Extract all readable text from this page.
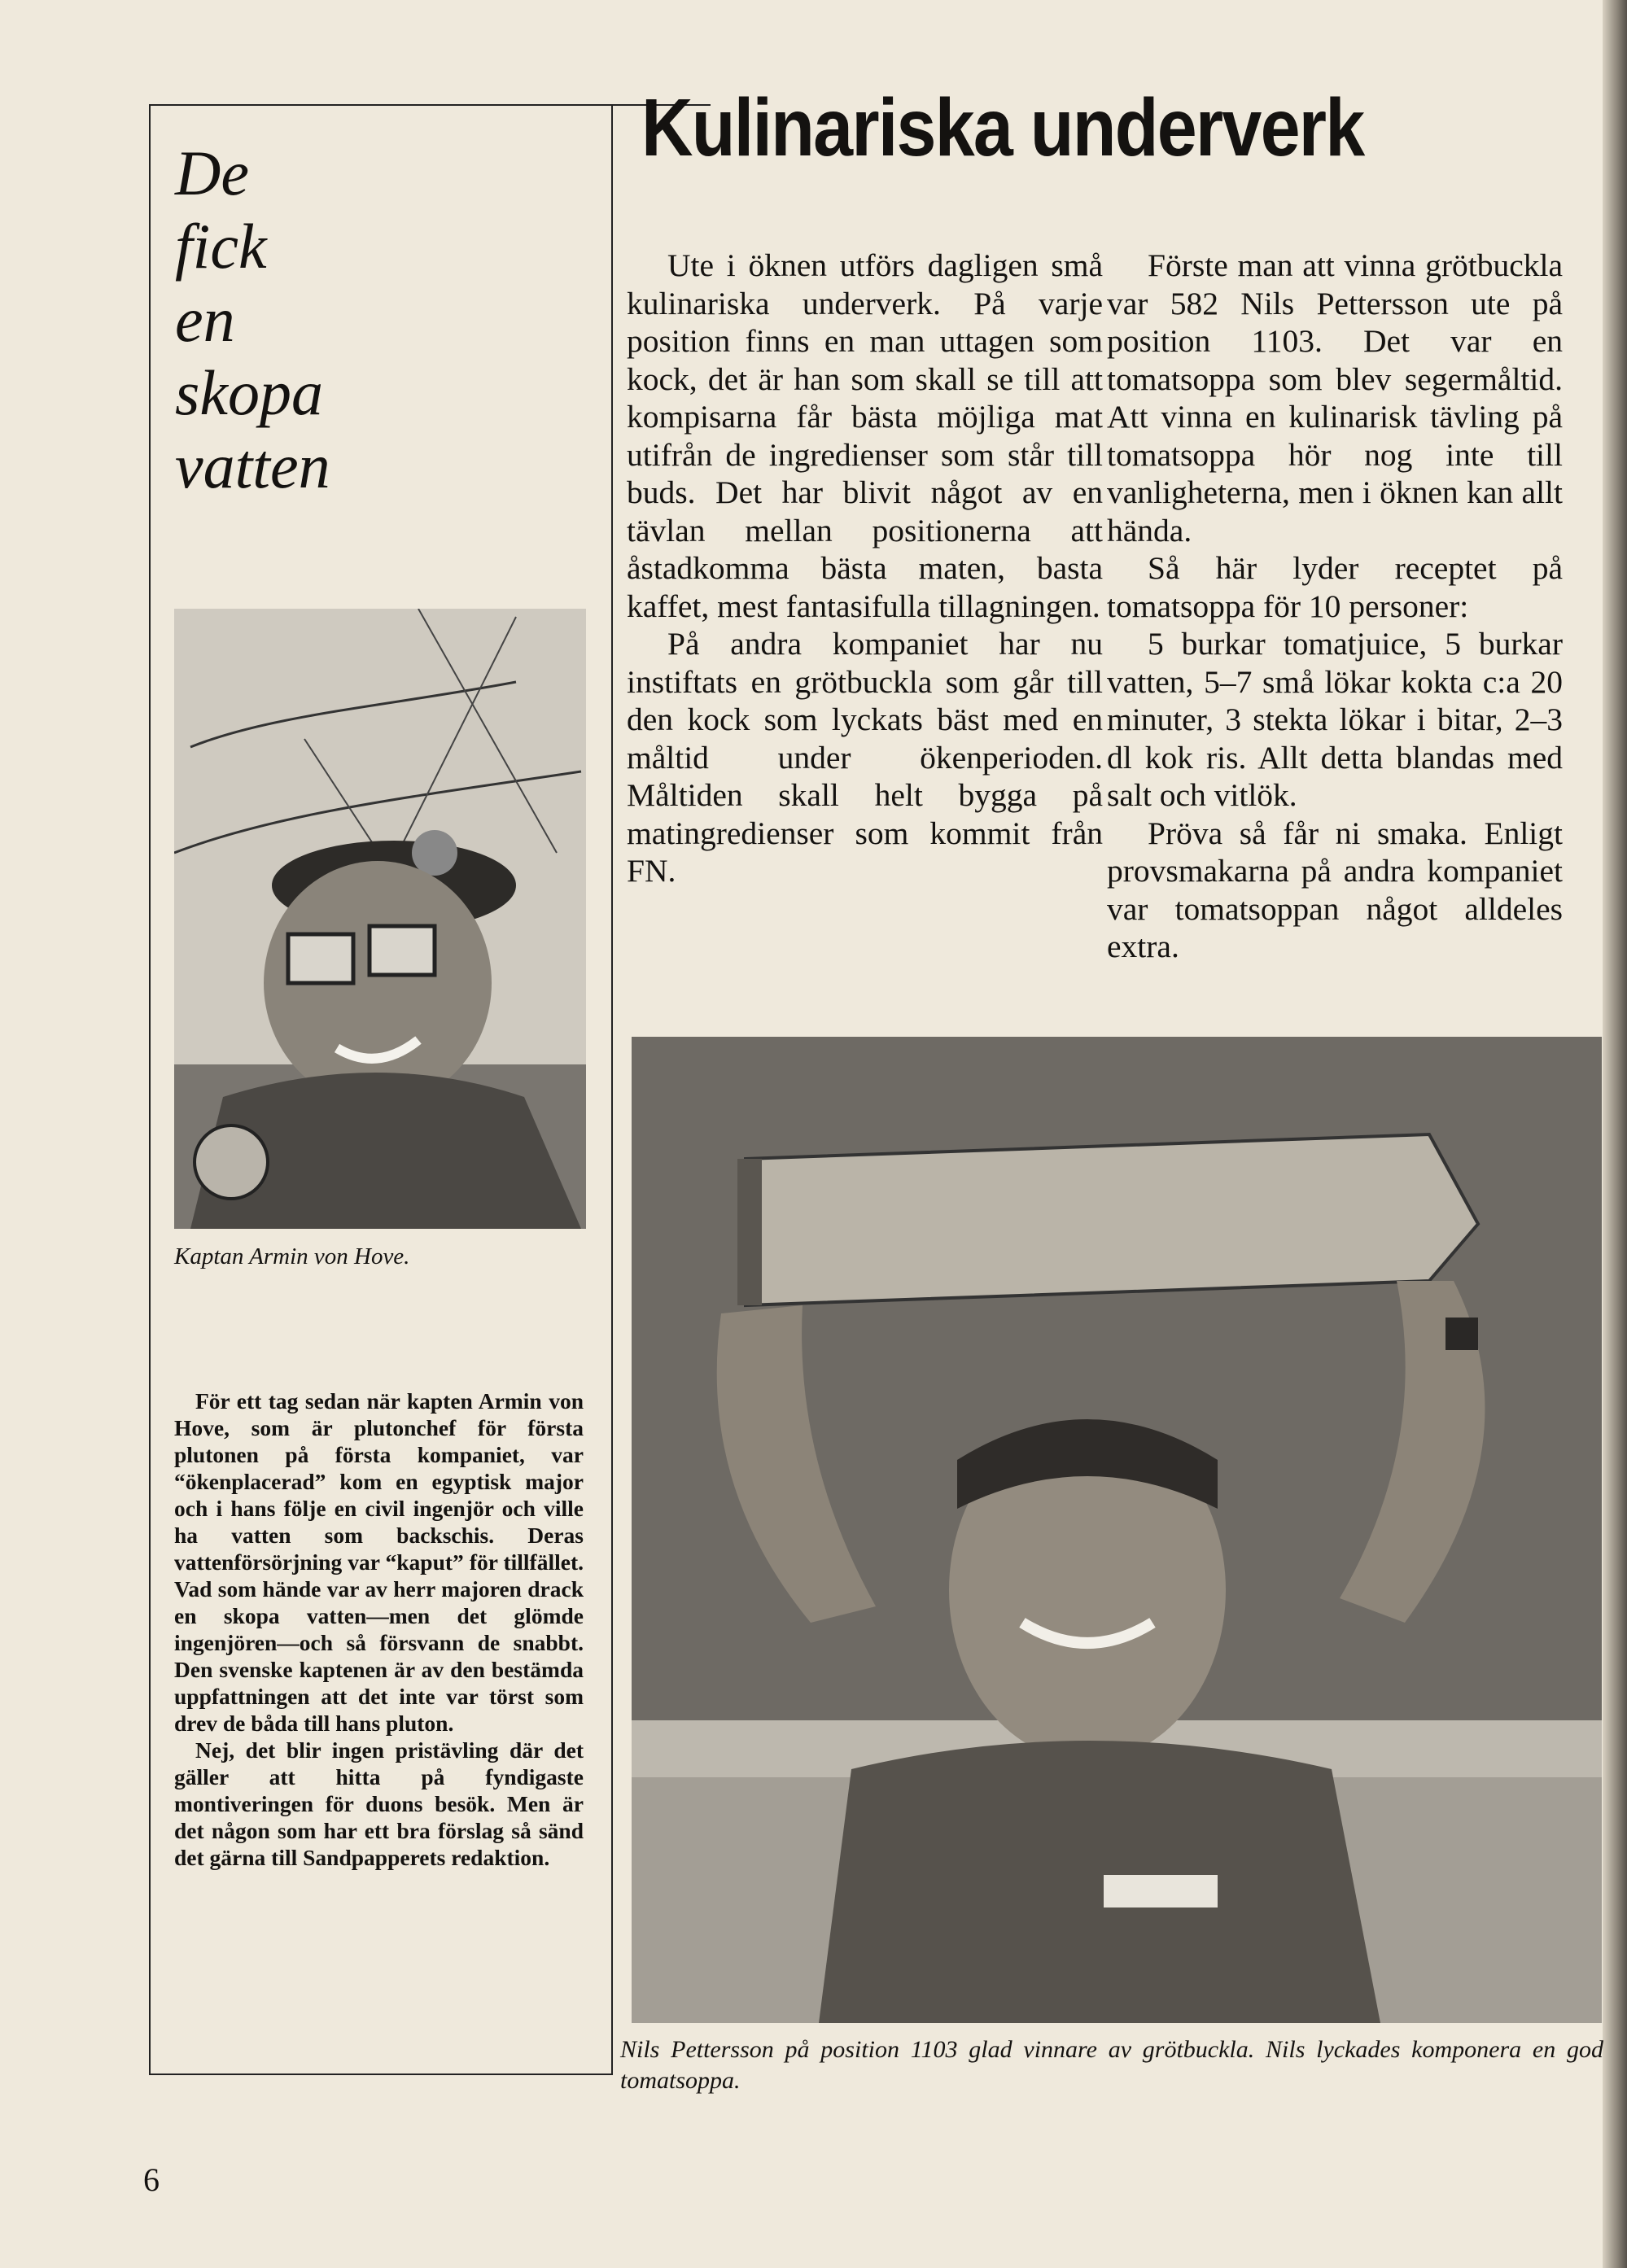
De
fick
en
skopa
vatten
Kaptan Armin von Hove.

För ett tag sedan när kapten Armin von Hove, som är plutonchef för första plutonen på första kompaniet, var “ökenplacerad” kom en egyptisk major och i hans följe en civil ingenjör och ville ha vatten som backschis. Deras vattenförsörjning var “kaput” för tillfället. Vad som hände var av herr majoren drack en skopa vatten—men det glömde ingenjören—och så försvann de snabbt. Den svenske kaptenen är av den bestämda uppfattningen att det inte var törst som drev de båda till hans pluton.

Nej, det blir ingen pristävling där det gäller att hitta på fyndigaste montiveringen för duons besök. Men är det någon som har ett bra förslag så sänd det gärna till Sandpapperets redaktion.

Kulinariska underverk

Ute i öknen utförs dagligen små kulinariska underverk. På varje position finns en man uttagen som kock, det är han som skall se till att kompisarna får bästa möjliga mat utifrån de ingredienser som står till buds. Det har blivit något av en tävlan mellan positionerna att åstadkomma bästa maten, basta kaffet, mest fantasifulla tillagningen.

På andra kompaniet har nu instiftats en grötbuckla som går till den kock som lyckats bäst med en måltid under ökenperioden. Måltiden skall helt bygga på matingredienser som kommit från FN.

Förste man att vinna grötbuckla var 582 Nils Pettersson ute på position 1103. Det var en tomatsoppa som blev segermåltid. Att vinna en kulinarisk tävling på tomatsoppa hör nog inte till vanligheterna, men i öknen kan allt hända.

Så här lyder receptet på tomatsoppa för 10 personer:

5 burkar tomatjuice, 5 burkar vatten, 5–7 små lökar kokta c:a 20 minuter, 3 stekta lökar i bitar, 2–3 dl kok ris. Allt detta blandas med salt och vitlök.

Pröva så får ni smaka. Enligt provsmakarna på andra kompaniet var tomatsoppan något alldeles extra.

Nils Pettersson på position 1103 glad vinnare av grötbuckla. Nils lyckades komponera en god tomatsoppa.
6
